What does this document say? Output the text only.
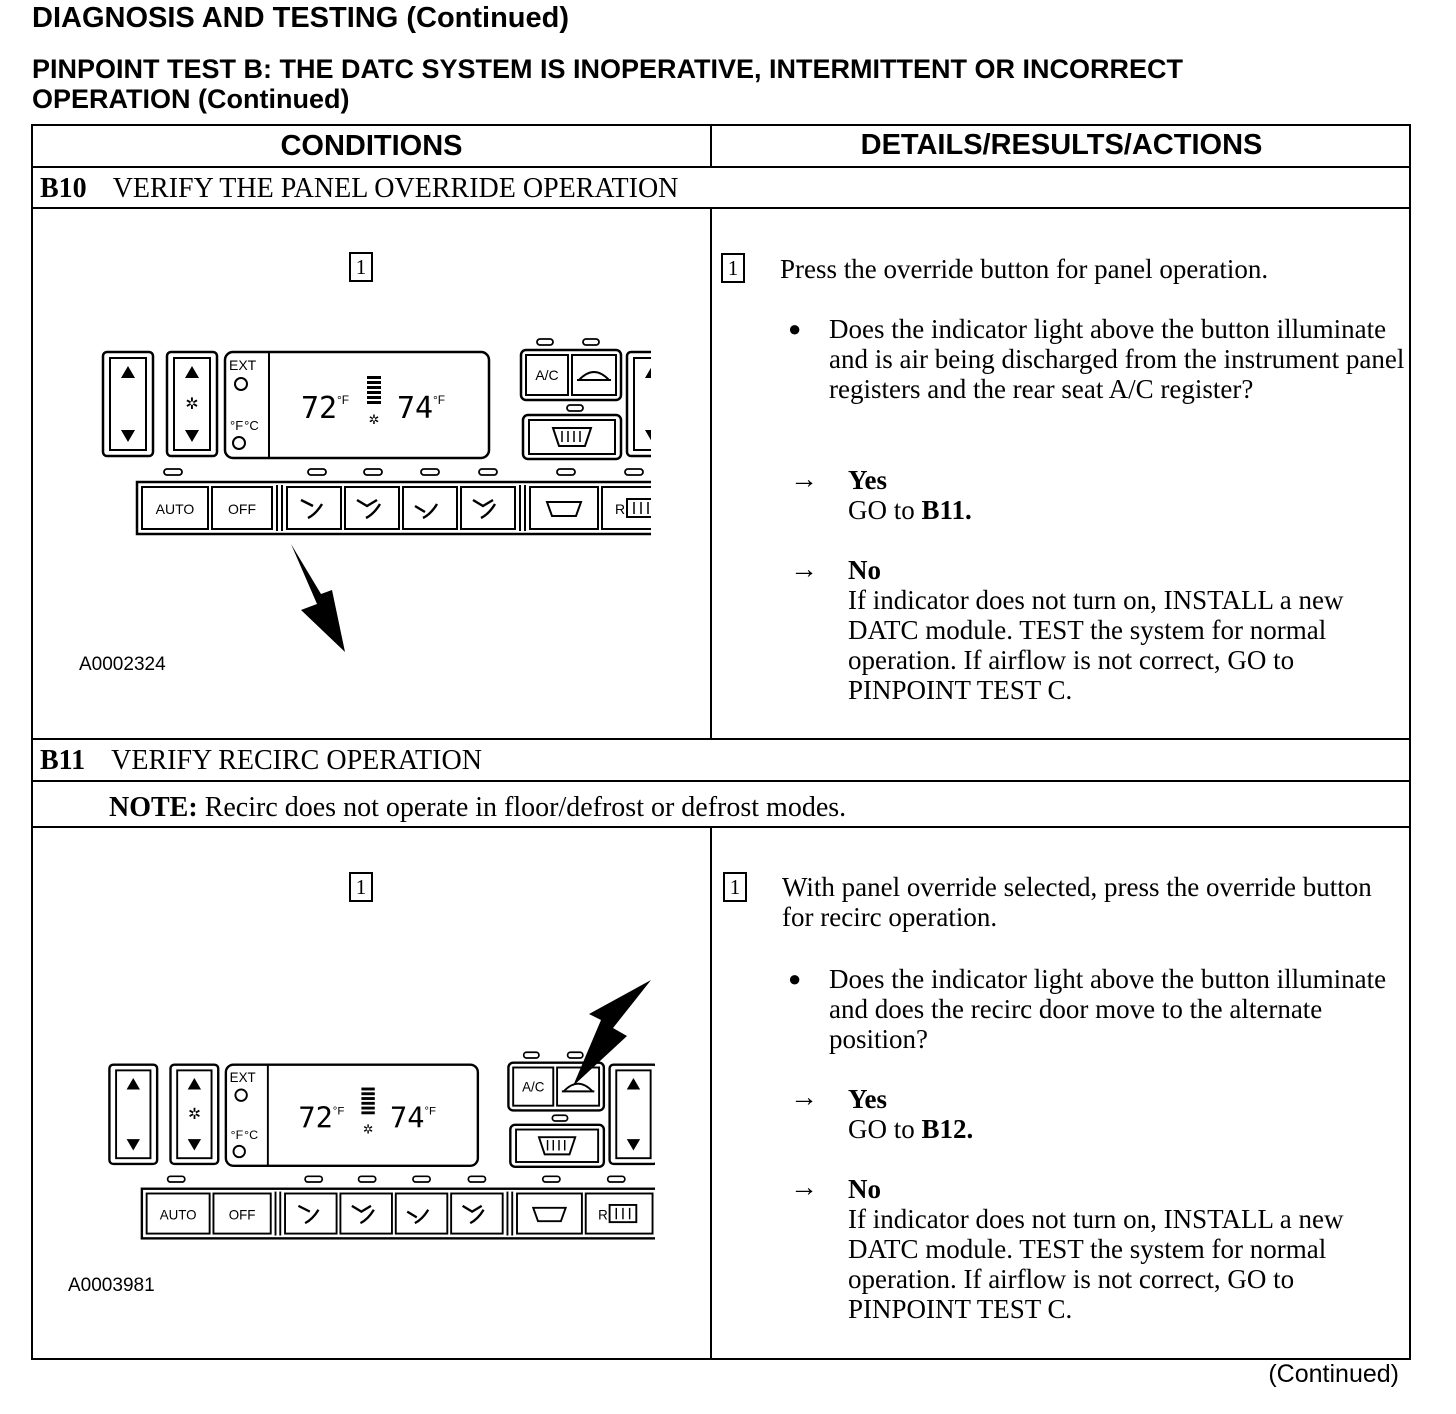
DIAGNOSIS AND TESTING (Continued)
PINPOINT TEST B: THE DATC SYSTEM IS INOPERATIVE, INTERMITTENT OR INCORRECT
OPERATION (Continued)
CONDITIONS	DETAILS/RESULTS/ACTIONS
B10 VERIFY THE PANEL OVERRIDE OPERATION
1
✲
EXT
°F°C 72 °F
✲ 74 °F
A/C
AUTO OFF	R
A0002324
1 Press the override button for panel operation.
● Does the indicator light above the button illuminate and is air being discharged from the instrument panel registers and the rear seat A/C register?
→ Yes
GO to B11.
→ No
If indicator does not turn on, INSTALL a new DATC module. TEST the system for normal operation. If airflow is not correct, GO to PINPOINT TEST C.
B11 VERIFY RECIRC OPERATION
NOTE: Recirc does not operate in floor/defrost or defrost modes.
1
✲
EXT
°F°C
72 °F
✲ 74 °F
A/C
AUTO OFF	R
A0003981
1 With panel override selected, press the override button for recirc operation.
● Does the indicator light above the button illuminate and does the recirc door move to the alternate position?
→ Yes
GO to B12.
→ No
If indicator does not turn on, INSTALL a new DATC module. TEST the system for normal operation. If airflow is not correct, GO to PINPOINT TEST C.
(Continued)
